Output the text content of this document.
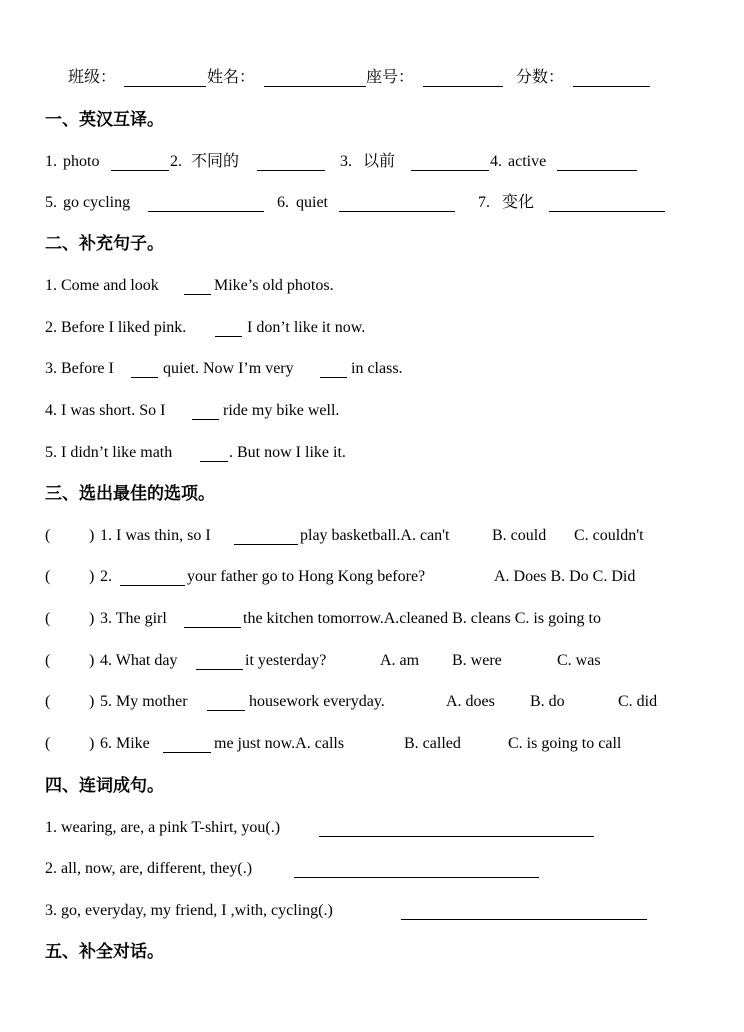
班级：	姓名：	座号：	分数：
一、英汉互译。
1. photo	2. 不同的	3. 以前	4. active
5. go cycling	6. quiet	7. 变化
二、补充句子。
1. Come and look	Mike’s old photos.
2. Before I liked pink.	I don’t like it now.
3. Before I	quiet. Now I’m very	in class.
4. I was short. So I	ride my bike well.
5. I didn’t like math	. But now I like it.
三、选出最佳的选项。
( ) 1. I was thin, so I	play basketball.A. can't	B. could C. couldn't
( ) 2.	your father go to Hong Kong before?	A. Does B. Do C. Did
( ) 3. The girl	the kitchen tomorrow.A.cleaned B. cleans C. is going to
( ) 4. What day	it yesterday?	A. am B. were	C. was
( ) 5. My mother	housework everyday.	A. does B. do	C. did
( ) 6. Mike	me just now.A. calls	B. called	C. is going to call
四、连词成句。
1. wearing, are, a pink T-shirt, you(.)
2. all, now, are, different, they(.)
3. go, everyday, my friend, I ,with, cycling(.)
五、补全对话。
